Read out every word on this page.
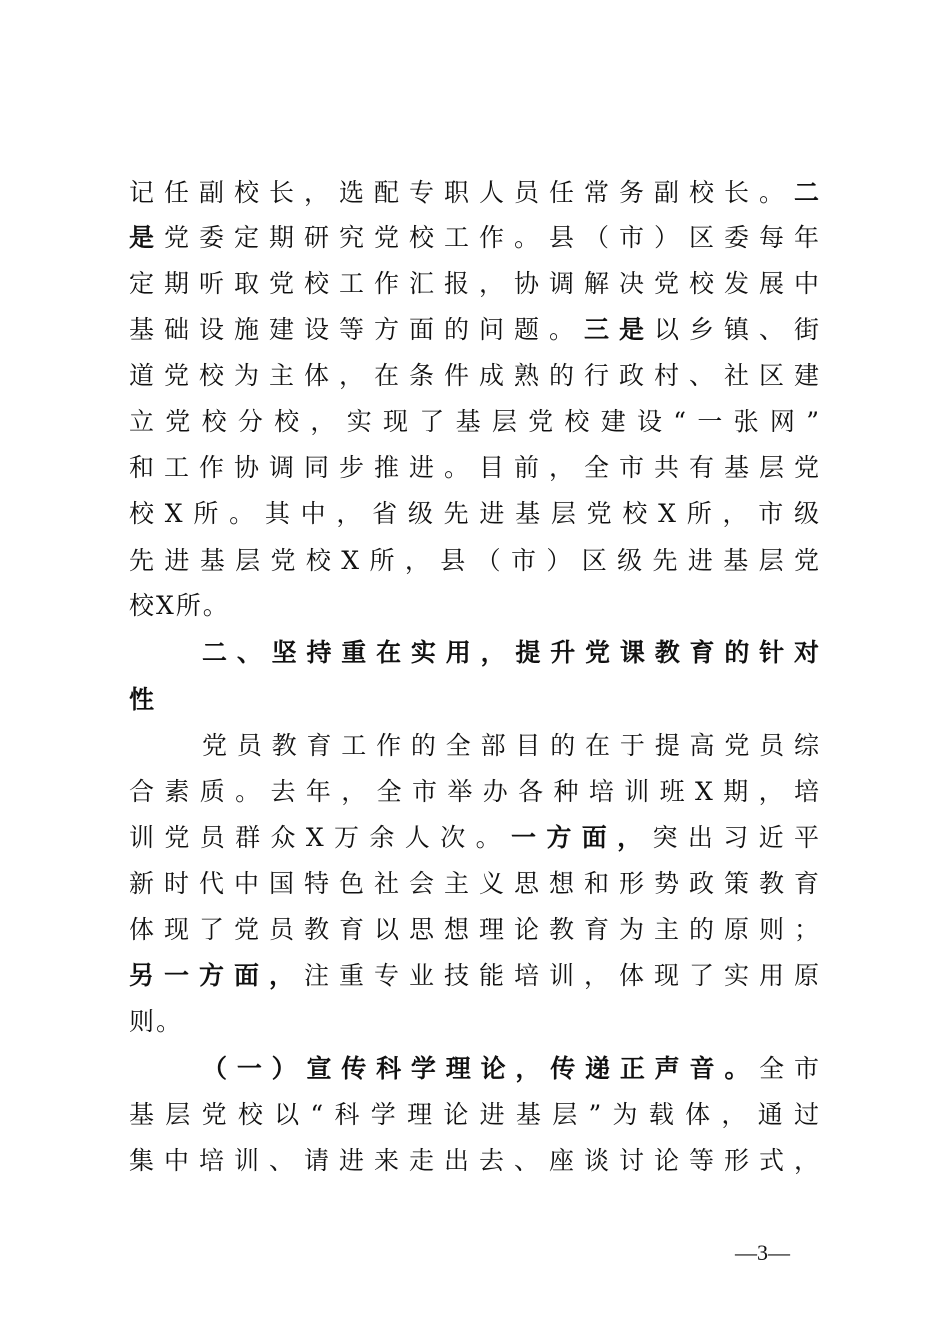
记任副校长，选配专职人员任常务副校长。二
是党委定期研究党校工作。县（市）区委每年
定期听取党校工作汇报，协调解决党校发展中
基础设施建设等方面的问题。三是以乡镇、街
道党校为主体，在条件成熟的行政村、社区建
立党校分校，实现了基层党校建设“一张网”
和工作协调同步推进。目前，全市共有基层党
校X所。其中，省级先进基层党校X所，市级
先进基层党校X所，县（市）区级先进基层党
校X所。
二、坚持重在实用，提升党课教育的针对
性
党员教育工作的全部目的在于提高党员综
合素质。去年，全市举办各种培训班X期，培
训党员群众X万余人次。一方面，突出习近平
新时代中国特色社会主义思想和形势政策教育
体现了党员教育以思想理论教育为主的原则；
另一方面，注重专业技能培训，体现了实用原
则。
（一）宣传科学理论，传递正声音。全市
基层党校以“科学理论进基层”为载体，通过
集中培训、请进来走出去、座谈讨论等形式，
—3—
